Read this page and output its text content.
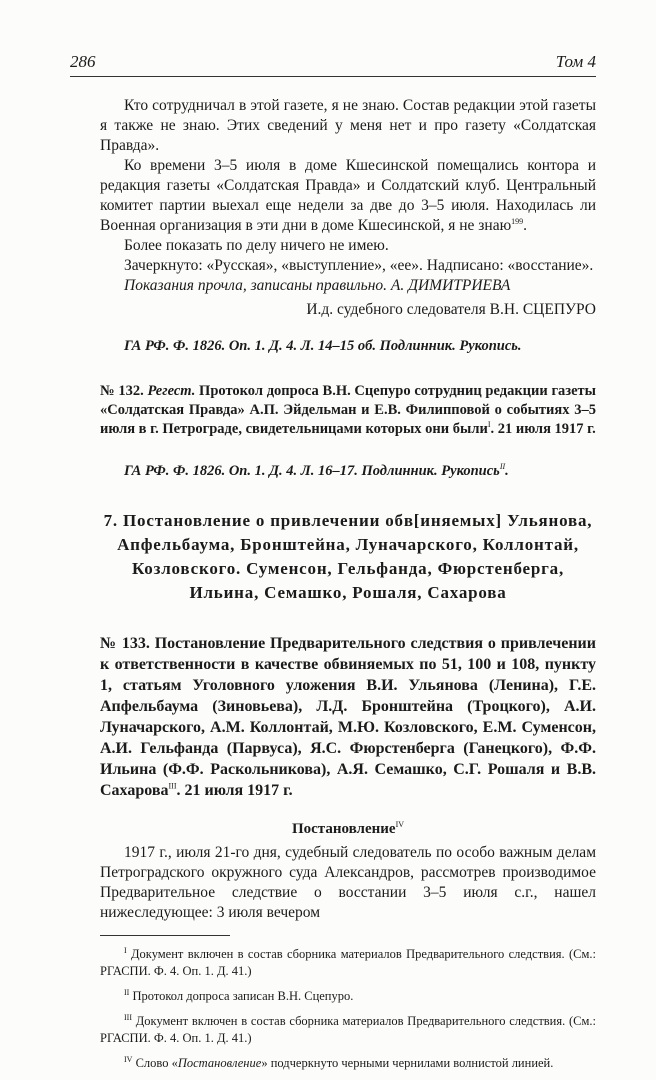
286	Том 4

Кто сотрудничал в этой газете, я не знаю. Состав редакции этой газеты я также не знаю. Этих сведений у меня нет и про газету «Солдатская Правда».

Ко времени 3–5 июля в доме Кшесинской помещались контора и редакция газеты «Солдатская Правда» и Солдатский клуб. Центральный комитет партии выехал еще недели за две до 3–5 июля. Находилась ли Военная организация в эти дни в доме Кшесинской, я не знаю$^{199}$.

Более показать по делу ничего не имею.

Зачеркнуто: «Русская», «выступление», «ее». Надписано: «восстание».

Показания прочла, записаны правильно. А. ДИМИТРИЕВА

И.д. судебного следователя В.Н. СЦЕПУРО

ГА РФ. Ф. 1826. Оп. 1. Д. 4. Л. 14–15 об. Подлинник. Рукопись.

№ 132. Регест. Протокол допроса В.Н. Сцепуро сотрудниц редакции газеты «Солдатская Правда» А.П. Эйдельман и Е.В. Филипповой о событиях 3–5 июля в г. Петрограде, свидетельницами которых они были$^I$. 21 июля 1917 г.

ГА РФ. Ф. 1826. Оп. 1. Д. 4. Л. 16–17. Подлинник. Рукопись$^{II}$.

7. Постановление о привлечении обв[иняемых] Ульянова, Апфельбаума, Бронштейна, Луначарского, Коллонтай, Козловского. Суменсон, Гельфанда, Фюрстенберга, Ильина, Семашко, Рошаля, Сахарова

№ 133. Постановление Предварительного следствия о привлечении к ответственности в качестве обвиняемых по 51, 100 и 108, пункту 1, статьям Уголовного уложения В.И. Ульянова (Ленина), Г.Е. Апфельбаума (Зиновьева), Л.Д. Бронштейна (Троцкого), А.И. Луначарского, А.М. Коллонтай, М.Ю. Козловского, Е.М. Суменсон, А.И. Гельфанда (Парвуса), Я.С. Фюрстенберга (Ганецкого), Ф.Ф. Ильина (Ф.Ф. Раскольникова), А.Я. Семашко, С.Г. Рошаля и В.В. Сахарова$^{III}$. 21 июля 1917 г.

Постановление$^{IV}$

1917 г., июля 21-го дня, судебный следователь по особо важным делам Петроградского окружного суда Александров, рассмотрев производимое Предварительное следствие о восстании 3–5 июля с.г., нашел нижеследующее: 3 июля вечером

$^I$ Документ включен в состав сборника материалов Предварительного следствия. (См.: РГАСПИ. Ф. 4. Оп. 1. Д. 41.)

$^{II}$ Протокол допроса записан В.Н. Сцепуро.

$^{III}$ Документ включен в состав сборника материалов Предварительного следствия. (См.: РГАСПИ. Ф. 4. Оп. 1. Д. 41.)

$^{IV}$ Слово «Постановление» подчеркнуто черными чернилами волнистой линией.
